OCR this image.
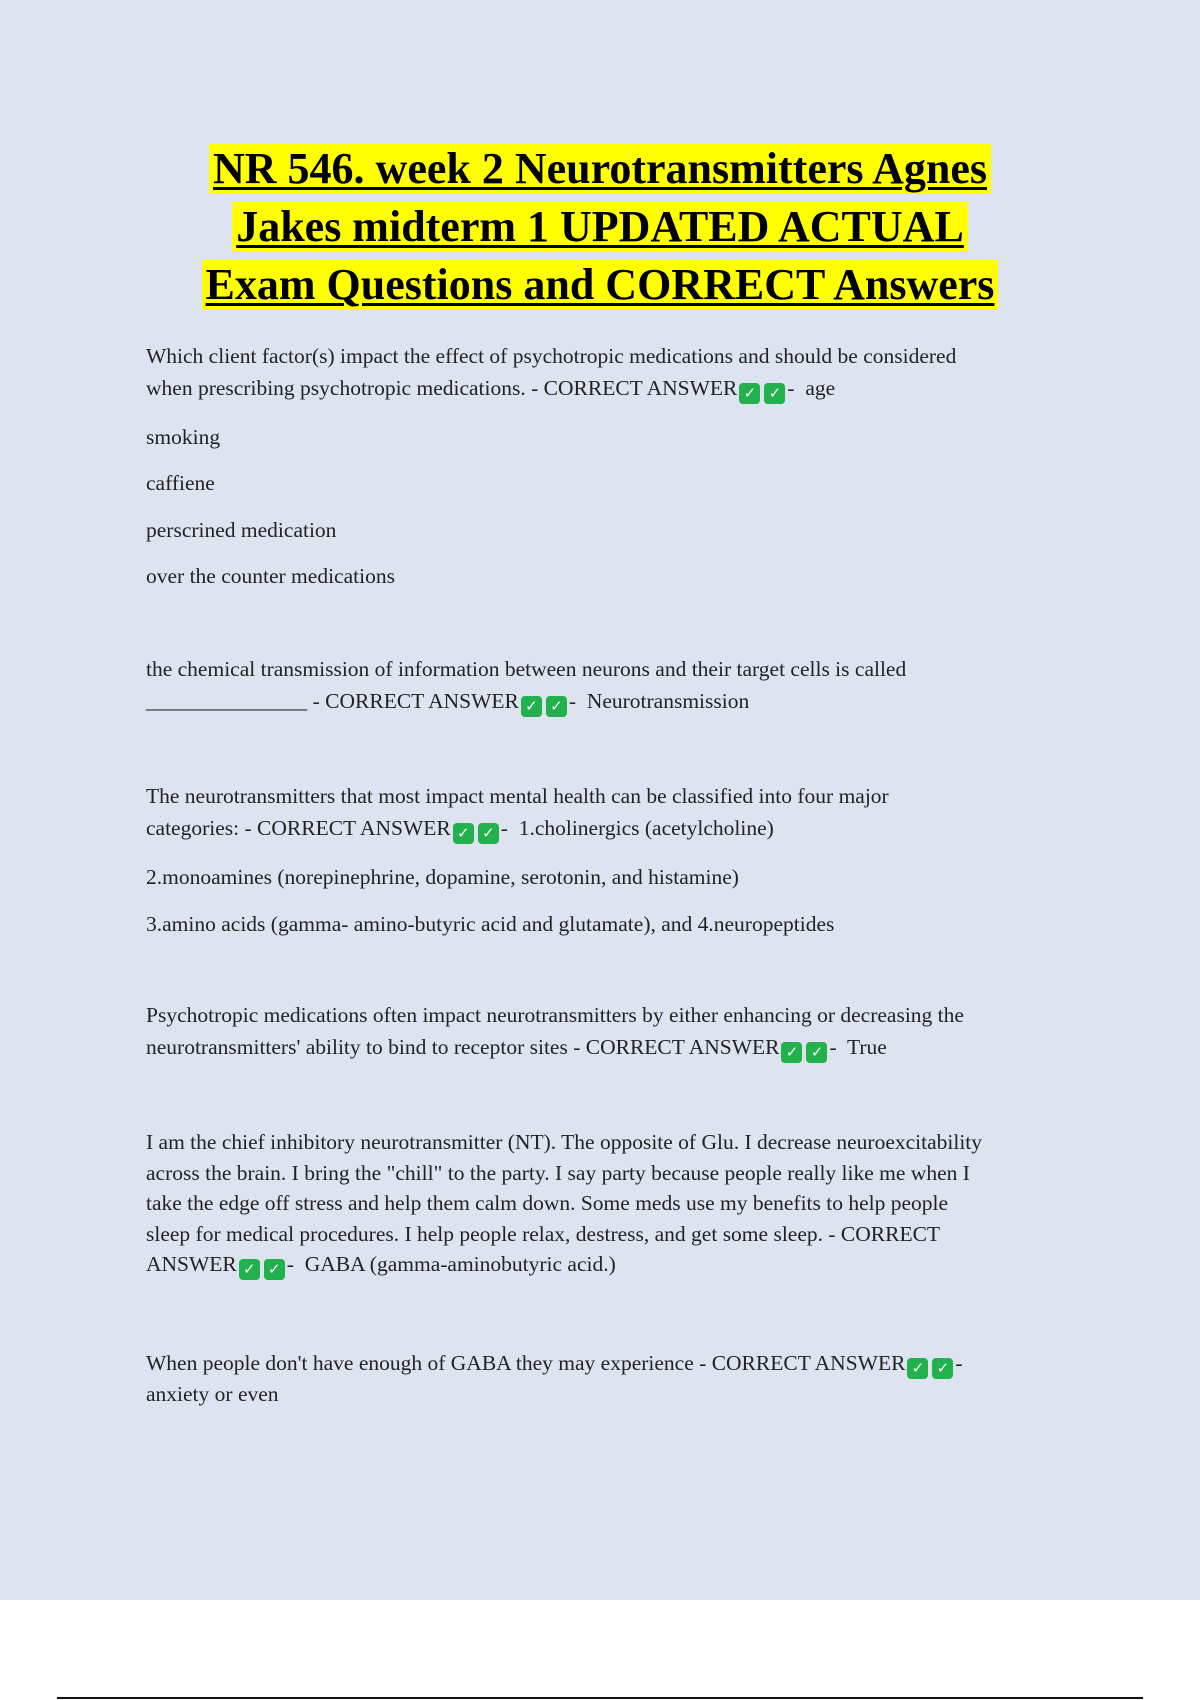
NR 546. week 2 Neurotransmitters Agnes
Jakes midterm 1 UPDATED ACTUAL
Exam Questions and CORRECT Answers
Which client factor(s) impact the effect of psychotropic medications and should be considered
when prescribing psychotropic medications. - CORRECT ANSWER ✓ ✓ -  age
smoking
caffiene
perscrined medication
over the counter medications
the chemical transmission of information between neurons and their target cells is called
_______________ - CORRECT ANSWER ✓ ✓ -  Neurotransmission
The neurotransmitters that most impact mental health can be classified into four major
categories: - CORRECT ANSWER ✓ ✓ -  1.cholinergics (acetylcholine)
2.monoamines (norepinephrine, dopamine, serotonin, and histamine)
3.amino acids (gamma- amino-butyric acid and glutamate), and 4.neuropeptides
Psychotropic medications often impact neurotransmitters by either enhancing or decreasing the
neurotransmitters' ability to bind to receptor sites - CORRECT ANSWER ✓ ✓ -  True
I am the chief inhibitory neurotransmitter (NT). The opposite of Glu. I decrease neuroexcitability
across the brain. I bring the "chill" to the party. I say party because people really like me when I
take the edge off stress and help them calm down. Some meds use my benefits to help people
sleep for medical procedures. I help people relax, destress, and get some sleep. - CORRECT
ANSWER ✓ ✓ -  GABA (gamma-aminobutyric acid.)
When people don't have enough of GABA they may experience - CORRECT ANSWER ✓ ✓ -
anxiety or even
